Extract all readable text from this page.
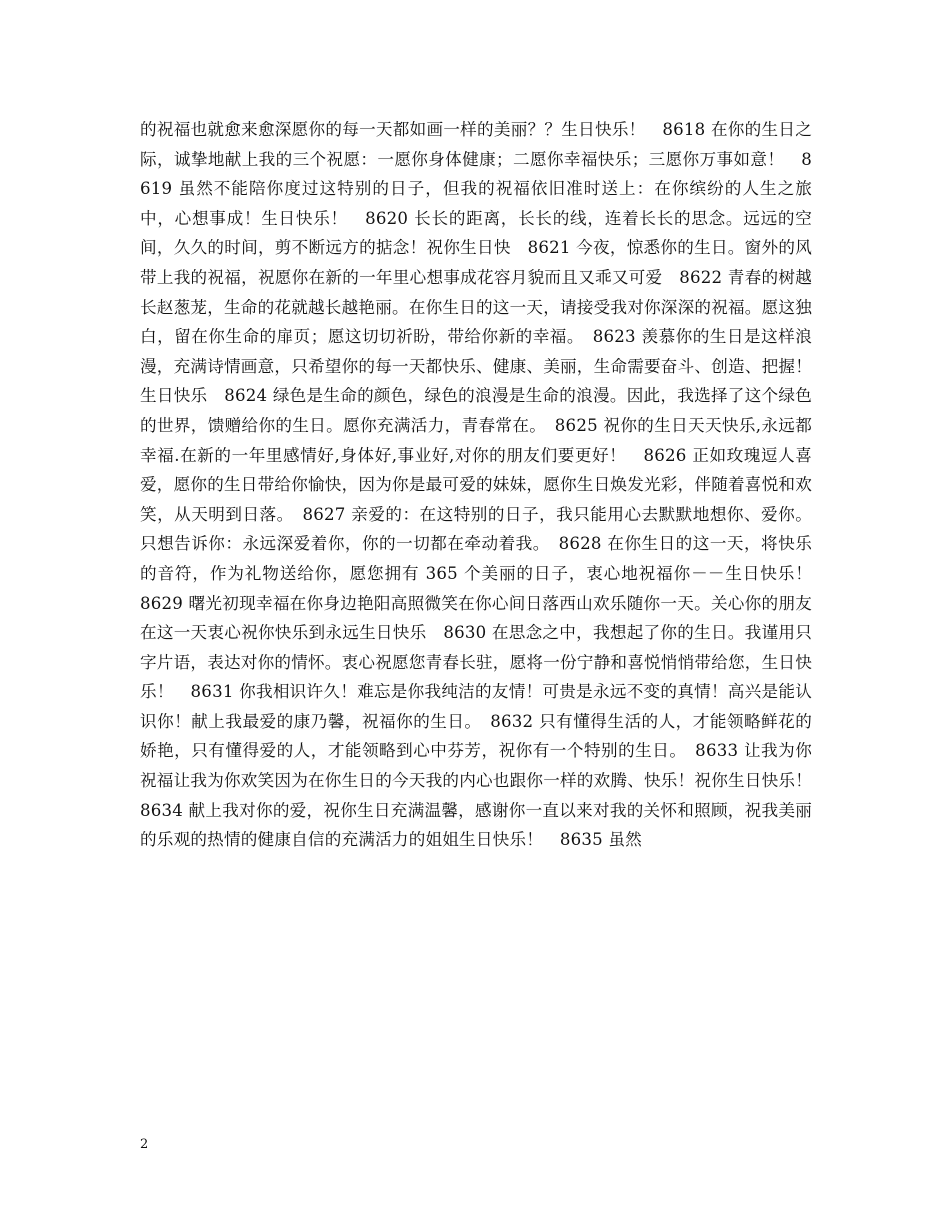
的祝福也就愈来愈深愿你的每一天都如画一样的美丽？？生日快乐！　8618 在你的生日之际，诚挚地献上我的三个祝愿：一愿你身体健康；二愿你幸福快乐；三愿你万事如意！　8619 虽然不能陪你度过这特别的日子，但我的祝福依旧准时送上：在你缤纷的人生之旅中，心想事成！生日快乐！　8620 长长的距离，长长的线，连着长长的思念。远远的空间，久久的时间，剪不断远方的掂念！祝你生日快　8621 今夜，惊悉你的生日。窗外的风带上我的祝福，祝愿你在新的一年里心想事成花容月貌而且又乖又可爱　8622 青春的树越长赵葱茏，生命的花就越长越艳丽。在你生日的这一天，请接受我对你深深的祝福。愿这独白，留在你生命的扉页；愿这切切祈盼，带给你新的幸福。　8623 羡慕你的生日是这样浪漫，充满诗情画意，只希望你的每一天都快乐、健康、美丽，生命需要奋斗、创造、把握！生日快乐　8624 绿色是生命的颜色，绿色的浪漫是生命的浪漫。因此，我选择了这个绿色的世界，馈赠给你的生日。愿你充满活力，青春常在。　8625 祝你的生日天天快乐,永远都幸福.在新的一年里感情好,身体好,事业好,对你的朋友们要更好！　8626 正如玫瑰逗人喜爱，愿你的生日带给你愉快，因为你是最可爱的妹妹，愿你生日焕发光彩，伴随着喜悦和欢笑，从天明到日落。　8627 亲爱的：在这特别的日子，我只能用心去默默地想你、爱你。只想告诉你：永远深爱着你，你的一切都在牵动着我。　8628 在你生日的这一天，将快乐的音符，作为礼物送给你，愿您拥有 365 个美丽的日子，衷心地祝福你－－生日快乐！　8629 曙光初现幸福在你身边艳阳高照微笑在你心间日落西山欢乐随你一天。关心你的朋友在这一天衷心祝你快乐到永远生日快乐　8630 在思念之中，我想起了你的生日。我谨用只字片语，表达对你的情怀。衷心祝愿您青春长驻，愿将一份宁静和喜悦悄悄带给您，生日快乐！　8631 你我相识许久！难忘是你我纯洁的友情！可贵是永远不变的真情！高兴是能认识你！献上我最爱的康乃馨，祝福你的生日。　8632 只有懂得生活的人，才能领略鲜花的娇艳，只有懂得爱的人，才能领略到心中芬芳，祝你有一个特别的生日。　8633 让我为你祝福让我为你欢笑因为在你生日的今天我的内心也跟你一样的欢腾、快乐！祝你生日快乐！　8634 献上我对你的爱，祝你生日充满温馨，感谢你一直以来对我的关怀和照顾，祝我美丽的乐观的热情的健康自信的充满活力的姐姐生日快乐！　8635 虽然

2
